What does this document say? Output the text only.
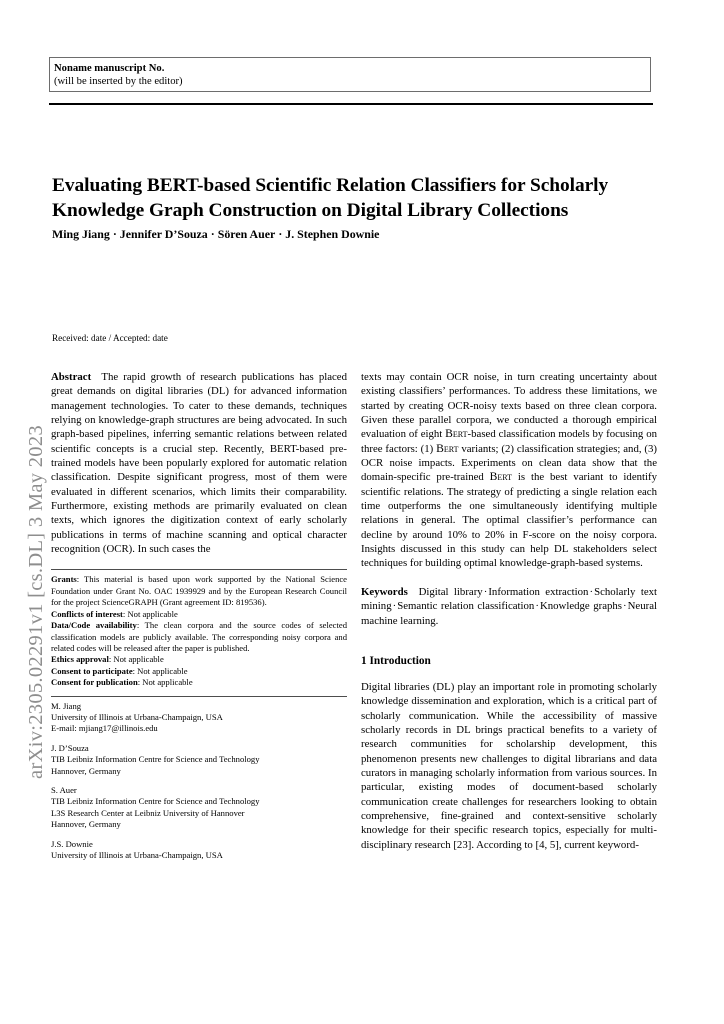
arXiv:2305.02291v1 [cs.DL] 3 May 2023
Noname manuscript No.
(will be inserted by the editor)
Evaluating BERT-based Scientific Relation Classifiers for Scholarly Knowledge Graph Construction on Digital Library Collections
Ming Jiang · Jennifer D’Souza · Sören Auer · J. Stephen Downie
Received: date / Accepted: date

Abstract The rapid growth of research publications has placed great demands on digital libraries (DL) for advanced information management technologies. To cater to these demands, techniques relying on knowledge-graph structures are being advocated. In such graph-based pipelines, inferring semantic relations between related scientific concepts is a crucial step. Recently, BERT-based pre-trained models have been popularly explored for automatic relation classification. Despite significant progress, most of them were evaluated in different scenarios, which limits their comparability. Furthermore, existing methods are primarily evaluated on clean texts, which ignores the digitization context of early scholarly publications in terms of machine scanning and optical character recognition (OCR). In such cases the

Grants: This material is based upon work supported by the National Science Foundation under Grant No. OAC 1939929 and by the European Research Council for the project ScienceGRAPH (Grant agreement ID: 819536).

Conflicts of interest: Not applicable

Data/Code availability: The clean corpora and the source codes of selected classification models are publicly available. The corresponding noisy corpora and related codes will be released after the paper is published.

Ethics approval: Not applicable

Consent to participate: Not applicable

Consent for publication: Not applicable

M. Jiang
University of Illinois at Urbana-Champaign, USA
E-mail: mjiang17@illinois.edu

J. D’Souza
TIB Leibniz Information Centre for Science and Technology
Hannover, Germany

S. Auer
TIB Leibniz Information Centre for Science and Technology
L3S Research Center at Leibniz University of Hannover
Hannover, Germany

J.S. Downie
University of Illinois at Urbana-Champaign, USA

texts may contain OCR noise, in turn creating uncertainty about existing classifiers’ performances. To address these limitations, we started by creating OCR-noisy texts based on three clean corpora. Given these parallel corpora, we conducted a thorough empirical evaluation of eight Bert-based classification models by focusing on three factors: (1) Bert variants; (2) classification strategies; and, (3) OCR noise impacts. Experiments on clean data show that the domain-specific pre-trained Bert is the best variant to identify scientific relations. The strategy of predicting a single relation each time outperforms the one simultaneously identifying multiple relations in general. The optimal classifier’s performance can decline by around 10% to 20% in F-score on the noisy corpora. Insights discussed in this study can help DL stakeholders select techniques for building optimal knowledge-graph-based systems.

Keywords Digital library·Information extraction·Scholarly text mining·Semantic relation classification·Knowledge graphs·Neural machine learning.

1 Introduction

Digital libraries (DL) play an important role in promoting scholarly knowledge dissemination and exploration, which is a critical part of scholarly communication. While the accessibility of massive scholarly records in DL brings practical benefits to a variety of research communities for scholarship development, this phenomenon presents new challenges to digital librarians and data curators in managing scholarly information from various sources. In particular, existing modes of document-based scholarly communication create challenges for researchers looking to obtain comprehensive, fine-grained and context-sensitive scholarly knowledge for their specific research topics, especially for multi-disciplinary research [23]. According to [4, 5], current keyword-
